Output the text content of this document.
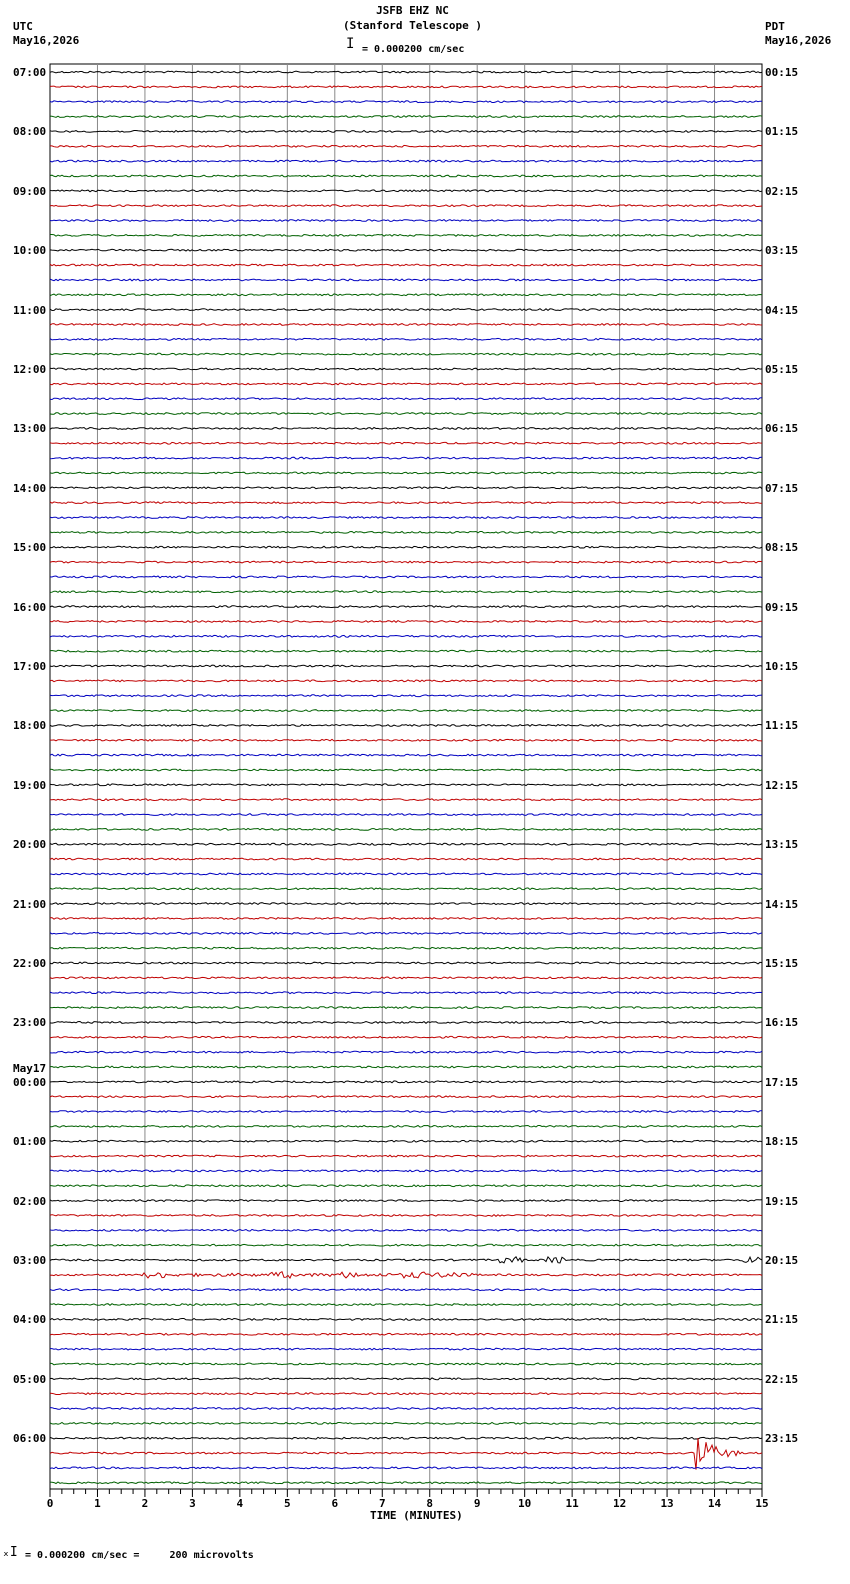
0	1	2	3	4	5	6	7	8	9	10	11	12	13	14	15
JSFB EHZ NC
(Stanford Telescope )
I = 0.000200 cm/sec
UTC
May16,2026
PDT
May16,2026
TIME (MINUTES)
ₓI = 0.000200 cm/sec =     200 microvolts
07:00	00:15
08:00	01:15
09:00	02:15
10:00	03:15
11:00	04:15
12:00	05:15
13:00	06:15
14:00	07:15
15:00	08:15
16:00	09:15
17:00	10:15
18:00	11:15
19:00	12:15
20:00	13:15
21:00	14:15
22:00	15:15
23:00	16:15
00:00	17:15
01:00	18:15
02:00	19:15
03:00	20:15
04:00	21:15
05:00	22:15
06:00	23:15
May17
